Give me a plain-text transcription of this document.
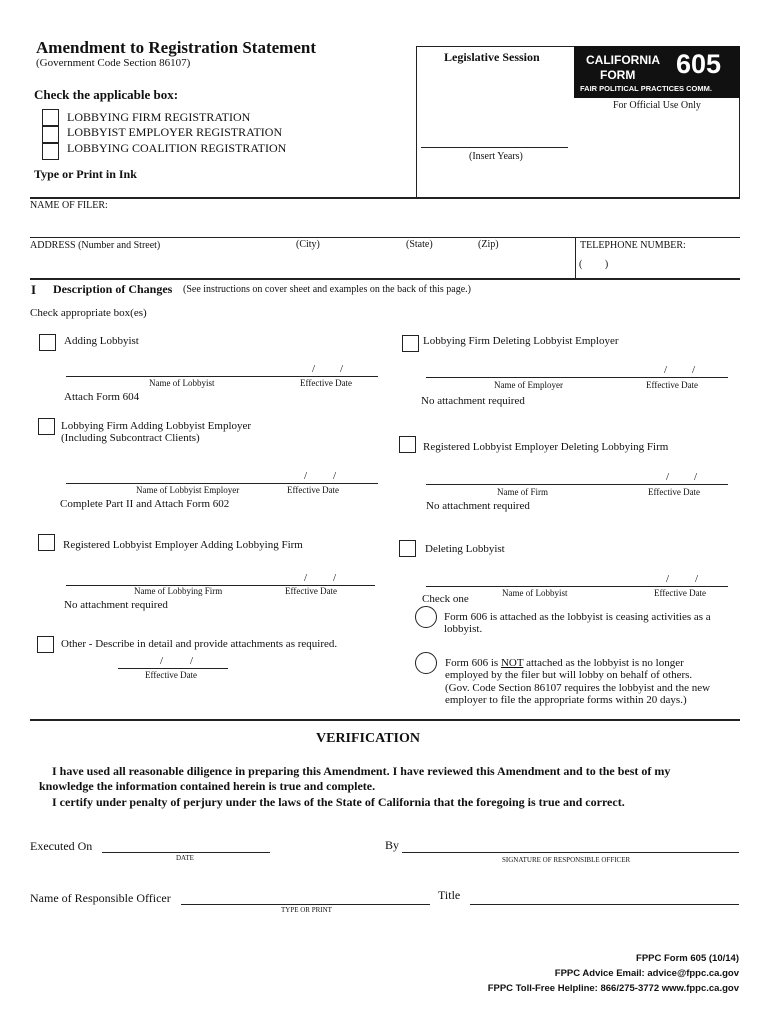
Amendment to Registration Statement
(Government Code Section 86107)
Check the applicable box:
LOBBYING FIRM REGISTRATION
LOBBYIST EMPLOYER REGISTRATION
LOBBYING COALITION REGISTRATION
Type or Print in Ink
Legislative Session
(Insert Years)
CALIFORNIA
FORM 605
FAIR POLITICAL PRACTICES COMM.
For Official Use Only
NAME OF FILER:
ADDRESS (Number and Street)	(City)	(State)	(Zip)	TELEPHONE NUMBER:
(         )
I Description of Changes (See instructions on cover sheet and examples on the back of this page.)
Check appropriate box(es)
Adding Lobbyist
/ /
Name of Lobbyist	Effective Date
Attach Form 604
Lobbying Firm Adding Lobbyist Employer
(Including Subcontract Clients)
/ /
Name of Lobbyist Employer	Effective Date
Complete Part II and Attach Form 602
Registered Lobbyist Employer Adding Lobbying Firm
/ /
Name of Lobbying Firm	Effective Date
No attachment required
Other - Describe in detail and provide attachments as required.
/ /
Effective Date
Lobbying Firm Deleting Lobbyist Employer
/ /
Name of Employer	Effective Date
No attachment required
Registered Lobbyist Employer Deleting Lobbying Firm
/ /
Name of Firm	Effective Date
No attachment required
Deleting Lobbyist
/ /
Name of Lobbyist	Effective Date
Check one
Form 606 is attached as the lobbyist is ceasing activities as a
lobbyist.
Form 606 is NOT attached as the lobbyist is no longer
employed by the filer but will lobby on behalf of others.
(Gov. Code Section 86107 requires the lobbyist and the new
employer to file the appropriate forms within 20 days.)
VERIFICATION
I have used all reasonable diligence in preparing this Amendment. I have reviewed this Amendment and to the best of my
knowledge the information contained herein is true and complete.
I certify under penalty of perjury under the laws of the State of California that the foregoing is true and correct.
Executed On
DATE
By
SIGNATURE OF RESPONSIBLE OFFICER
Name of Responsible Officer
TYPE OR PRINT
Title
FPPC Form 605 (10/14)
FPPC Advice Email: advice@fppc.ca.gov
FPPC Toll-Free Helpline: 866/275-3772 www.fppc.ca.gov
